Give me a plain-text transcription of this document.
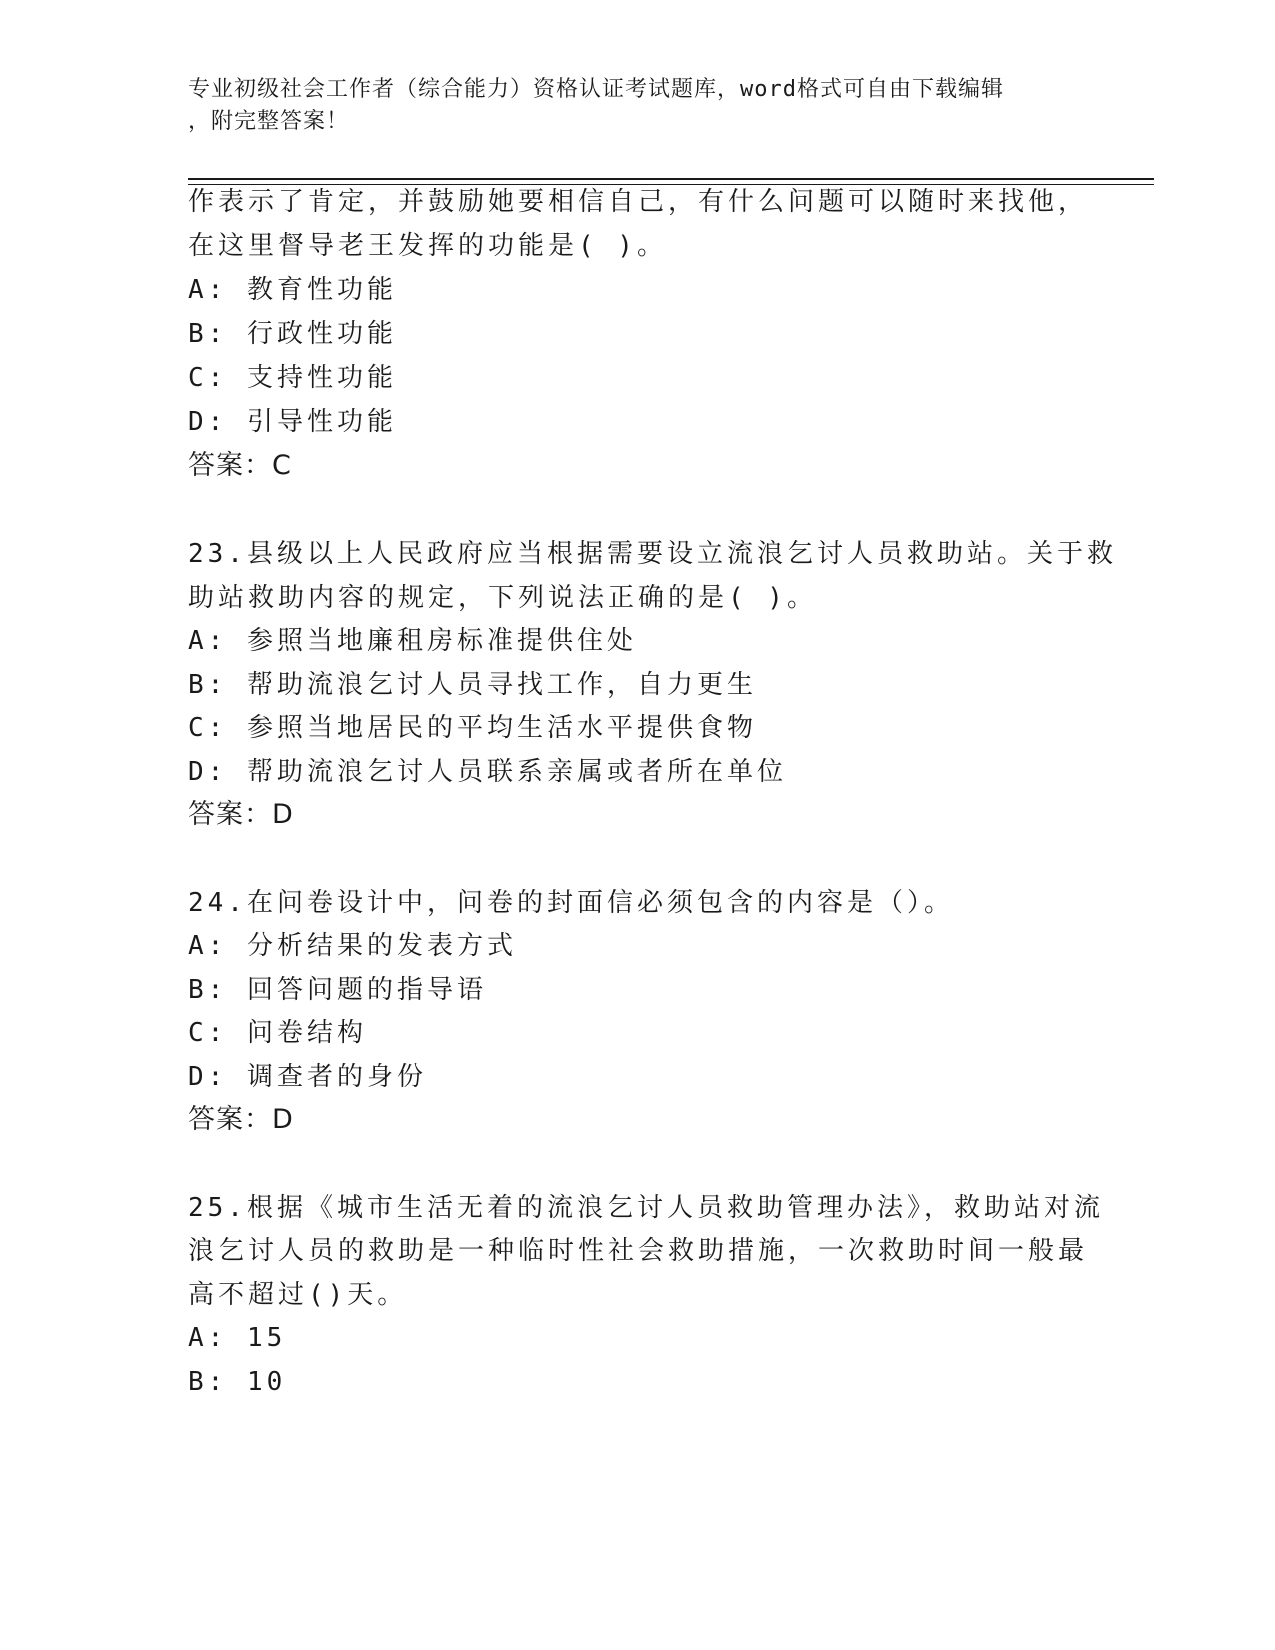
专业初级社会工作者（综合能力）资格认证考试题库，word格式可自由下载编辑
，附完整答案！
作表示了肯定，并鼓励她要相信自己，有什么问题可以随时来找他，
在这里督导老王发挥的功能是( )。
A: 教育性功能
B: 行政性功能
C: 支持性功能
D: 引导性功能
答案：C
23.县级以上人民政府应当根据需要设立流浪乞讨人员救助站。关于救
助站救助内容的规定，下列说法正确的是( )。
A: 参照当地廉租房标准提供住处
B: 帮助流浪乞讨人员寻找工作，自力更生
C: 参照当地居民的平均生活水平提供食物
D: 帮助流浪乞讨人员联系亲属或者所在单位
答案：D
24.在问卷设计中，问卷的封面信必须包含的内容是（）。
A: 分析结果的发表方式
B: 回答问题的指导语
C: 问卷结构
D: 调查者的身份
答案：D
25.根据《城市生活无着的流浪乞讨人员救助管理办法》，救助站对流
浪乞讨人员的救助是一种临时性社会救助措施，一次救助时间一般最
高不超过()天。
A: 15
B: 10
